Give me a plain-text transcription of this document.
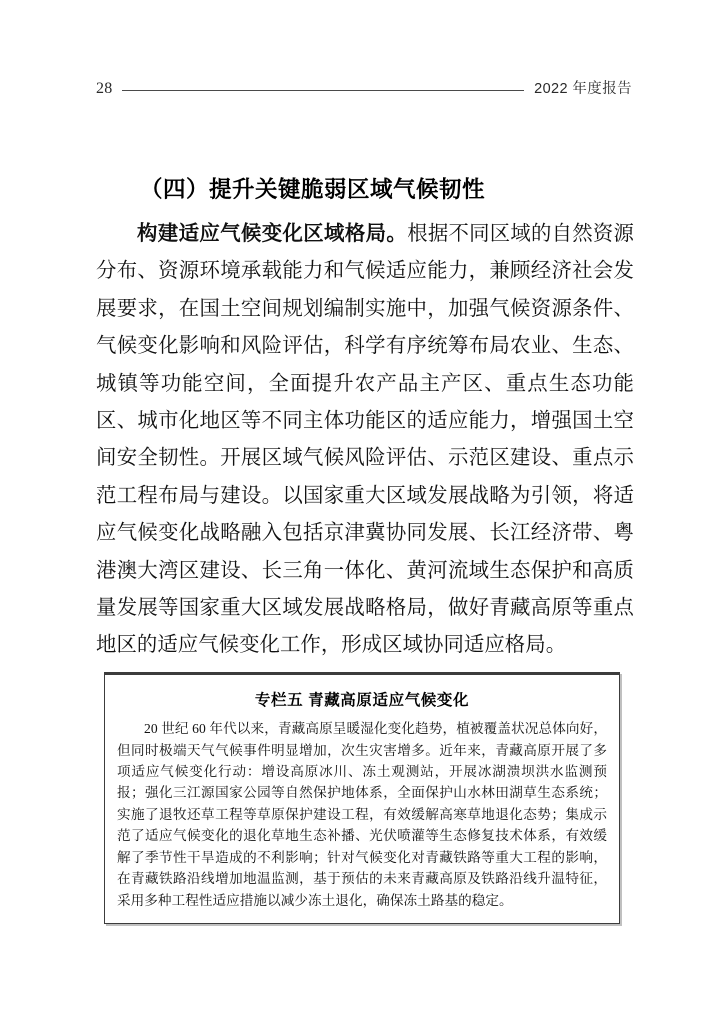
28	2022 年度报告
（四）提升关键脆弱区域气候韧性

构建适应气候变化区域格局。根据不同区域的自然资源分布、资源环境承载能力和气候适应能力，兼顾经济社会发展要求，在国土空间规划编制实施中，加强气候资源条件、气候变化影响和风险评估，科学有序统筹布局农业、生态、城镇等功能空间，全面提升农产品主产区、重点生态功能区、城市化地区等不同主体功能区的适应能力，增强国土空间安全韧性。开展区域气候风险评估、示范区建设、重点示范工程布局与建设。以国家重大区域发展战略为引领，将适应气候变化战略融入包括京津冀协同发展、长江经济带、粤港澳大湾区建设、长三角一体化、黄河流域生态保护和高质量发展等国家重大区域发展战略格局，做好青藏高原等重点地区的适应气候变化工作，形成区域协同适应格局。

专栏五 青藏高原适应气候变化

20 世纪 60 年代以来，青藏高原呈暖湿化变化趋势，植被覆盖状况总体向好，但同时极端天气气候事件明显增加，次生灾害增多。近年来，青藏高原开展了多项适应气候变化行动：增设高原冰川、冻土观测站，开展冰湖溃坝洪水监测预报；强化三江源国家公园等自然保护地体系，全面保护山水林田湖草生态系统；实施了退牧还草工程等草原保护建设工程，有效缓解高寒草地退化态势；集成示范了适应气候变化的退化草地生态补播、光伏喷灌等生态修复技术体系，有效缓解了季节性干旱造成的不利影响；针对气候变化对青藏铁路等重大工程的影响，在青藏铁路沿线增加地温监测，基于预估的未来青藏高原及铁路沿线升温特征，采用多种工程性适应措施以减少冻土退化，确保冻土路基的稳定。
